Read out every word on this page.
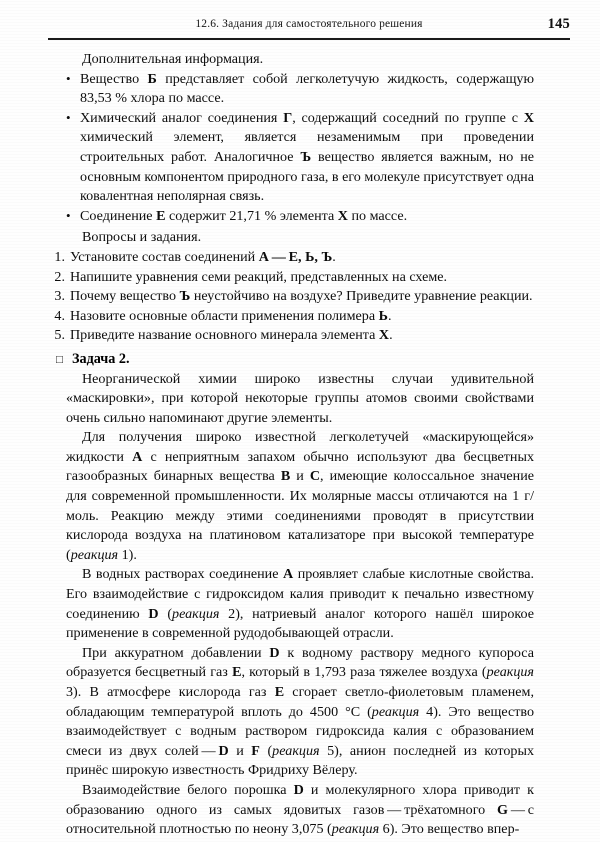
12.6. Задания для самостоятельного решения	145

Дополнительная информация.

• Вещество Б представляет собой легколетучую жидкость, содержащую 83,53 % хлора по массе.
• Химический аналог соединения Г, содержащий соседний по группе с X химический элемент, является незаменимым при проведении строительных работ. Аналогичное Ъ вещество является важным, но не основным компонентом природного газа, в его молекуле присутствует одна ковалентная неполярная связь.
• Соединение Е содержит 21,71 % элемента X по массе.

Вопросы и задания.

1. Установите состав соединений А — Е, Ь, Ъ.
2. Напишите уравнения семи реакций, представленных на схеме.
3. Почему вещество Ъ неустойчиво на воздухе? Приведите уравнение реакции.
4. Назовите основные области применения полимера Ь.
5. Приведите название основного минерала элемента X.
□ Задача 2.

Неорганической химии широко известны случаи удивительной «маскировки», при которой некоторые группы атомов своими свойствами очень сильно напоминают другие элементы.

Для получения широко известной легколетучей «маскирующейся» жидкости A с неприятным запахом обычно используют два бесцветных газообразных бинарных вещества B и C, имеющие колоссальное значение для современной промышленности. Их молярные массы отличаются на 1 г/моль. Реакцию между этими соединениями проводят в присутствии кислорода воздуха на платиновом катализаторе при высокой температуре (реакция 1).

В водных растворах соединение A проявляет слабые кислотные свойства. Его взаимодействие с гидроксидом калия приводит к печально известному соединению D (реакция 2), натриевый аналог которого нашёл широкое применение в современной рудодобывающей отрасли.

При аккуратном добавлении D к водному раствору медного купороса образуется бесцветный газ E, который в 1,793 раза тяжелее воздуха (реакция 3). В атмосфере кислорода газ E сгорает светло-фиолетовым пламенем, обладающим температурой вплоть до 4500 °C (реакция 4). Это вещество взаимодействует с водным раствором гидроксида калия с образованием смеси из двух солей — D и F (реакция 5), анион последней из которых принёс широкую известность Фридриху Вёлеру.

Взаимодействие белого порошка D и молекулярного хлора приводит к образованию одного из самых ядовитых газов — трёхатомного G — с относительной плотностью по неону 3,075 (реакция 6). Это вещество впер-
